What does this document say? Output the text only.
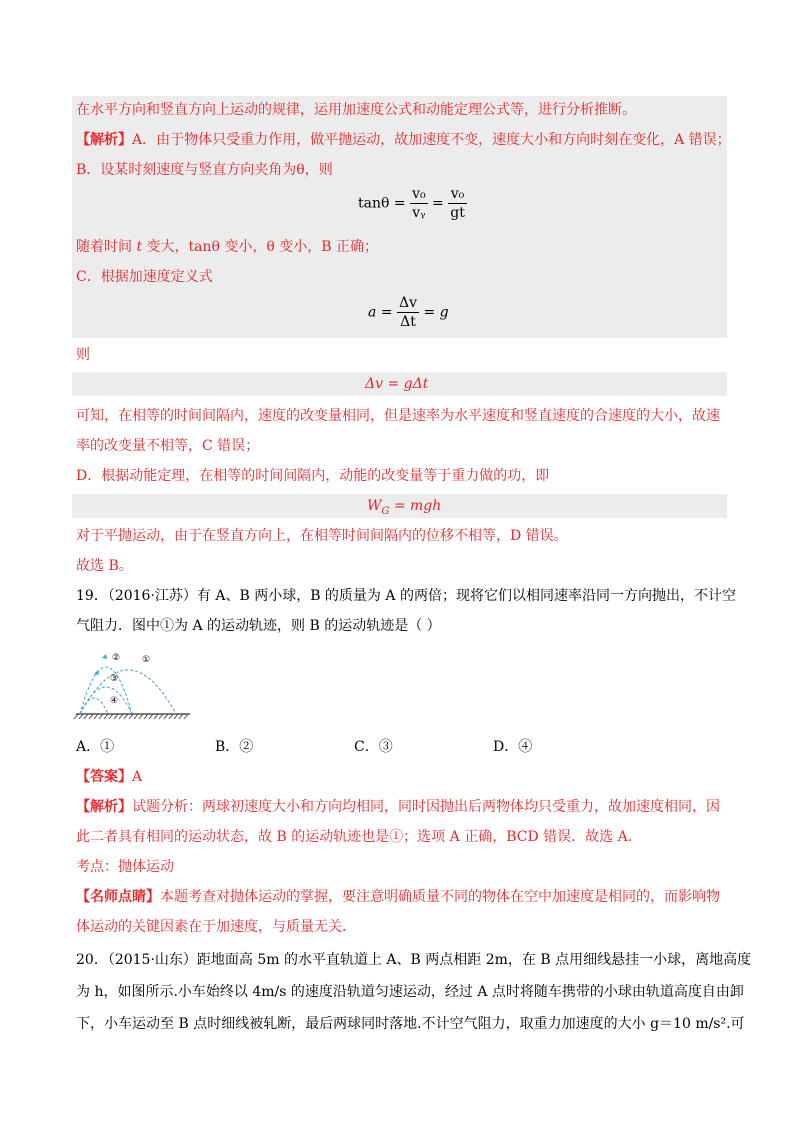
在水平方向和竖直方向上运动的规律，运用加速度公式和动能定理公式等，进行分析推断。
【解析】A．由于物体只受重力作用，做平抛运动，故加速度不变，速度大小和方向时刻在变化，A 错误；
B．设某时刻速度与竖直方向夹角为θ，则
$\tan\theta = \frac{\text{v₀}}{\text{vᵧ}} = \frac{\text{v₀}}{gt}$
随着时间 t 变大，tanθ 变小，θ 变小，B 正确；
C．根据加速度定义式
$a = \frac{\Delta v}{\Delta t} = g$
则
Δv = gΔt
可知，在相等的时间间隔内，速度的改变量相同，但是速率为水平速度和竖直速度的合速度的大小，故速
率的改变量不相等，C 错误；
D．根据动能定理，在相等的时间间隔内，动能的改变量等于重力做的功，即
$W_G$ = mgh
对于平抛运动，由于在竖直方向上，在相等时间间隔内的位移不相等，D 错误。
故选 B。
19．（2016·江苏）有 A、B 两小球，B 的质量为 A 的两倍；现将它们以相同速率沿同一方向抛出，不计空
气阻力．图中①为 A 的运动轨迹，则 B 的运动轨迹是（ ）
①
②
③
④
A．①	B．②	C．③	D．④
【答案】A
【解析】试题分析：两球初速度大小和方向均相同，同时因抛出后两物体均只受重力，故加速度相同，因
此二者具有相同的运动状态，故 B 的运动轨迹也是①；选项 A 正确，BCD 错误．故选 A.
考点：抛体运动
【名师点睛】本题考查对抛体运动的掌握，要注意明确质量不同的物体在空中加速度是相同的，而影响物
体运动的关键因素在于加速度，与质量无关.
20．（2015·山东）距地面高 5m 的水平直轨道上 A、B 两点相距 2m，在 B 点用细线悬挂一小球，离地高度
为 h，如图所示.小车始终以 4m/s 的速度沿轨道匀速运动，经过 A 点时将随车携带的小球由轨道高度自由卸
下，小车运动至 B 点时细线被轧断，最后两球同时落地.不计空气阻力，取重力加速度的大小 g＝10 m/s².可
